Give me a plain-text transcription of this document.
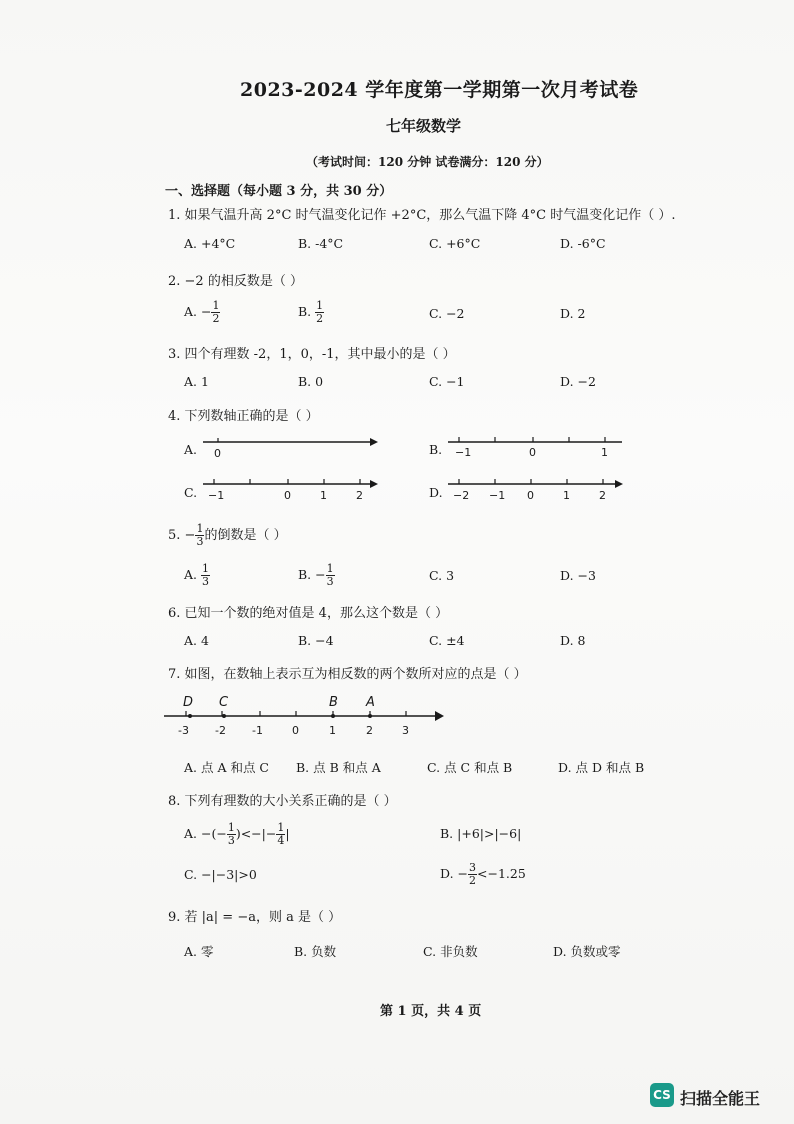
2023-2024 学年度第一学期第一次月考试卷
七年级数学
（考试时间：120 分钟 试卷满分：120 分）
一、选择题（每小题 3 分，共 30 分）
1. 如果气温升高 2°C 时气温变化记作 +2°C，那么气温下降 4°C 时气温变化记作（ ）.
A. +4°C	B. -4°C	C. +6°C	D. -6°C
2. −2 的相反数是（ ）
A. − $\frac{1}{2}$	B. $\frac{1}{2}$	C. −2	D. 2
3. 四个有理数 -2，1，0，-1，其中最小的是（ ）
A. 1	B. 0	C. −1	D. −2
4. 下列数轴正确的是（ ）
A. 0	B. −1	0	1
C. −1	0	1	2	D. −2 −1 0	1	2
5. − $\frac{1}{3}$ 的倒数是（ ）
A. $\frac{1}{3}$	B. − $\frac{1}{3}$	C. 3	D. −3
6. 已知一个数的绝对值是 4，那么这个数是（ ）
A. 4	B. −4	C. ±4	D. 8
7. 如图，在数轴上表示互为相反数的两个数所对应的点是（ ）
D C	B A
-3 -2 -1	0	1	2	3
A. 点 A 和点 C B. 点 B 和点 A	C. 点 C 和点 B	D. 点 D 和点 B
8. 下列有理数的大小关系正确的是（ ）
A. −(− $\frac{1}{3}$ )<−|− $\frac{1}{4}$ |	B. |+6|>|−6|
C. −|−3|>0	D. − $\frac{3}{2} <-1.25$
9. 若 |a| = −a，则 a 是（ ）
A. 零	B. 负数	C. 非负数	D. 负数或零
第 1 页，共 4 页
CS 扫描全能王
